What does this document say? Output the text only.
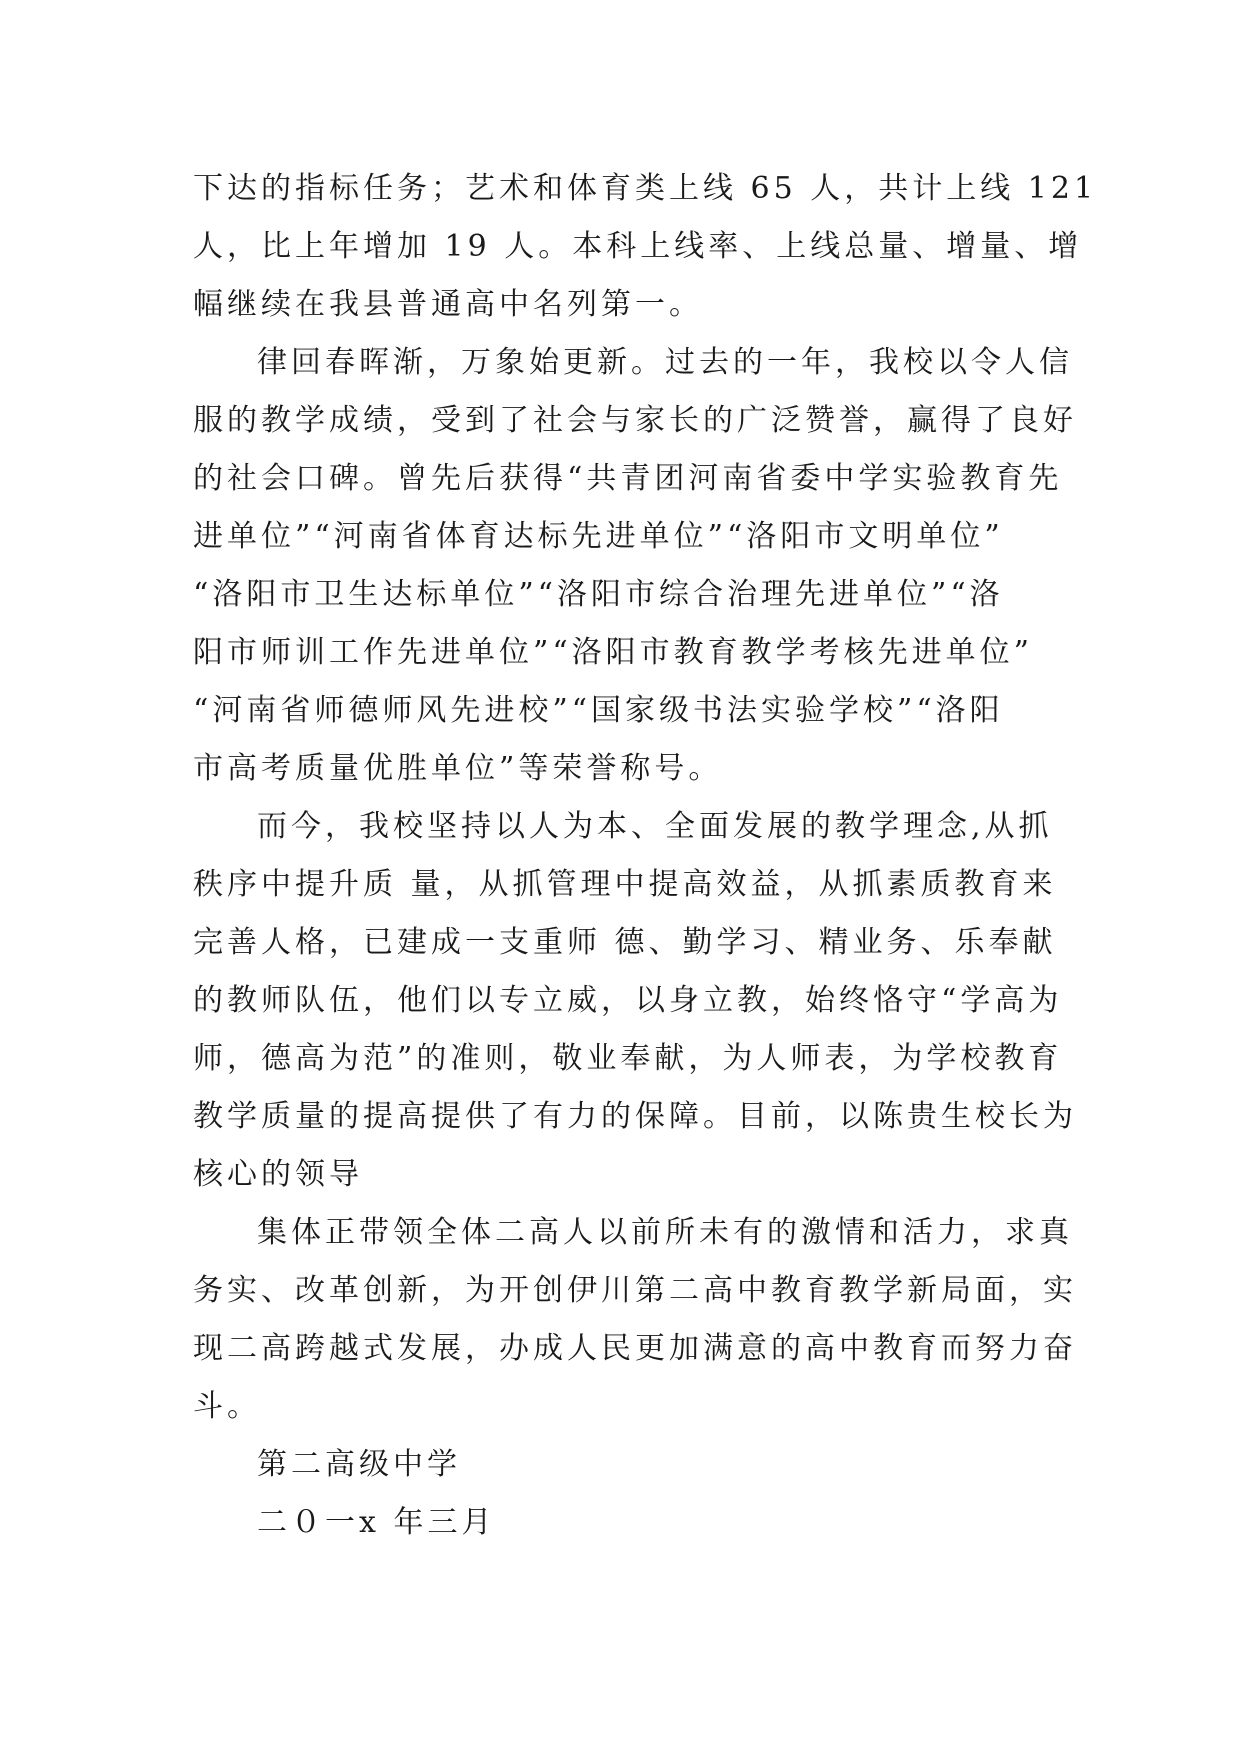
下达的指标任务；艺术和体育类上线 65 人，共计上线 121
人，比上年增加 19 人。本科上线率、上线总量、增量、增
幅继续在我县普通高中名列第一。
律回春晖渐，万象始更新。过去的一年，我校以令人信
服的教学成绩，受到了社会与家长的广泛赞誉，赢得了良好
的社会口碑。曾先后获得“共青团河南省委中学实验教育先
进单位”“河南省体育达标先进单位”“洛阳市文明单位”
“洛阳市卫生达标单位”“洛阳市综合治理先进单位”“洛
阳市师训工作先进单位”“洛阳市教育教学考核先进单位”
“河南省师德师风先进校”“国家级书法实验学校”“洛阳
市高考质量优胜单位”等荣誉称号。
而今，我校坚持以人为本、全面发展的教学理念,从抓
秩序中提升质 量，从抓管理中提高效益，从抓素质教育来
完善人格，已建成一支重师 德、勤学习、精业务、乐奉献
的教师队伍，他们以专立威，以身立教，始终恪守“学高为
师，德高为范”的准则，敬业奉献，为人师表，为学校教育
教学质量的提高提供了有力的保障。目前，以陈贵生校长为
核心的领导
集体正带领全体二高人以前所未有的激情和活力，求真
务实、改革创新，为开创伊川第二高中教育教学新局面，实
现二高跨越式发展，办成人民更加满意的高中教育而努力奋
斗。
第二高级中学
二０一x 年三月
